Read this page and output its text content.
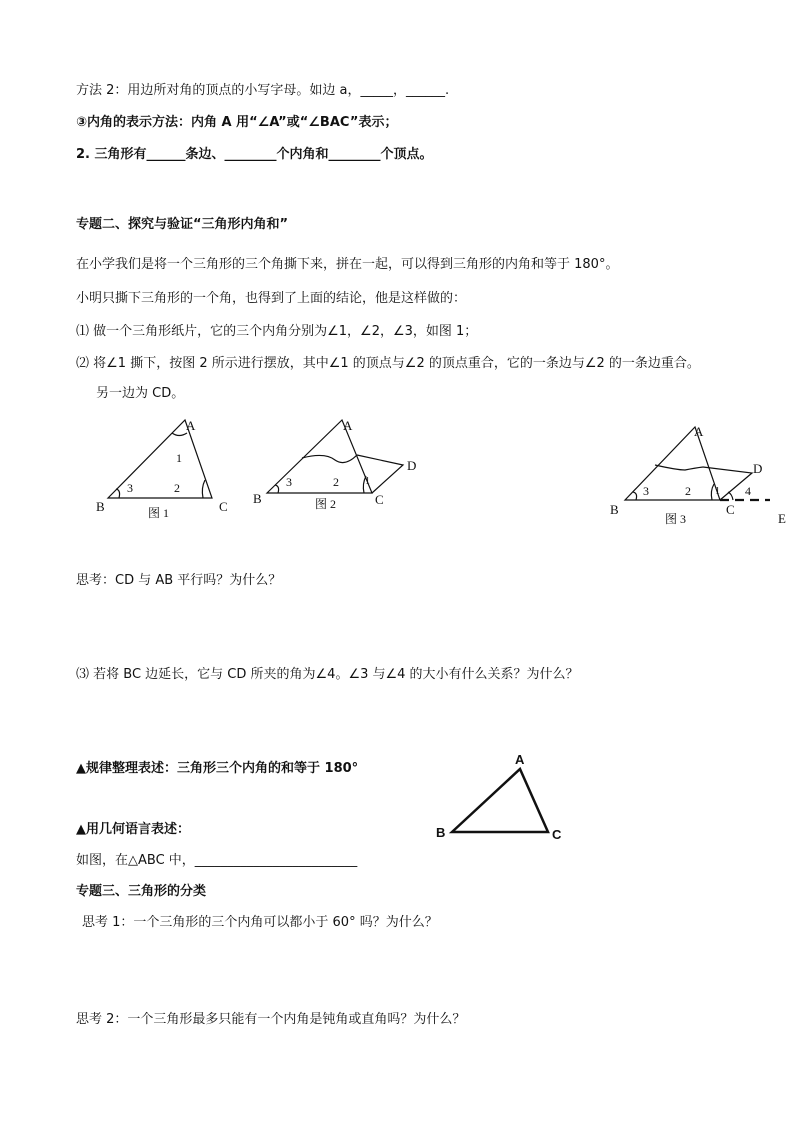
方法 2：用边所对角的顶点的小写字母。如边 a，_____，______.

③内角的表示方法：内角 A 用“∠A”或“∠BAC”表示；

2. 三角形有______条边、________个内角和________个顶点。

专题二、探究与验证“三角形内角和”

在小学我们是将一个三角形的三个角撕下来，拼在一起，可以得到三角形的内角和等于 180°。

小明只撕下三角形的一个角，也得到了上面的结论，他是这样做的：

⑴ 做一个三角形纸片，它的三个内角分别为∠1，∠2，∠3，如图 1；

⑵ 将∠1 撕下，按图 2 所示进行摆放，其中∠1 的顶点与∠2 的顶点重合，它的一条边与∠2 的一条边重合。

另一边为 CD。

A
B	C
1
2
3
图 1
A
B	C
D
1
2
3
图 2
A
B	C
D
E
1
2
3	4
图 3

思考：CD 与 AB 平行吗？为什么？

⑶ 若将 BC 边延长，它与 CD 所夹的角为∠4。∠3 与∠4 的大小有什么关系？为什么？

▲规律整理表述：三角形三个内角的和等于 180°

A
B	C

▲用几何语言表述：

如图，在△ABC 中，_________________________

专题三、三角形的分类

思考 1：一个三角形的三个内角可以都小于 60° 吗？为什么？

思考 2：一个三角形最多只能有一个内角是钝角或直角吗？为什么？
